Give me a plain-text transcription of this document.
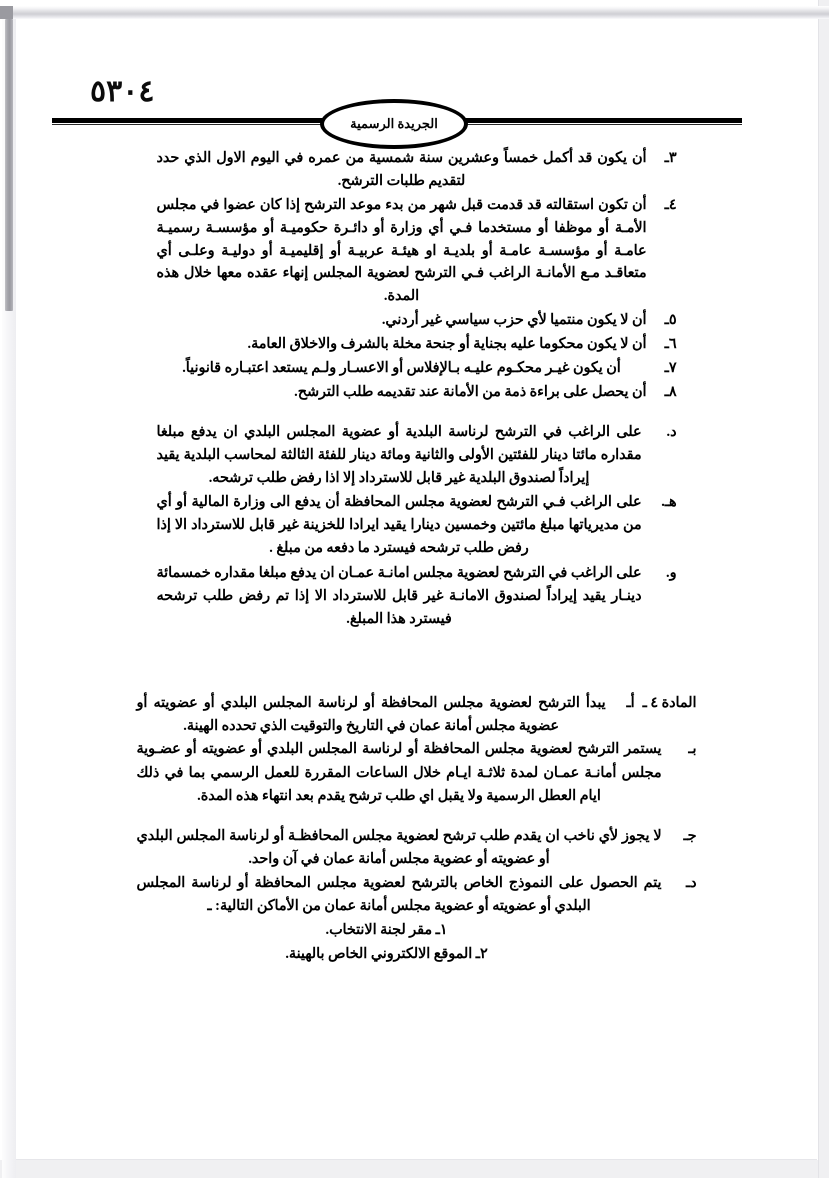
٥٣٠٤
الجريدة الرسمية
٣ـ
أن يكون قد أكمل خمساً وعشرين سنة شمسية من عمره في اليوم الاول الذي حدد لتقديم طلبات الترشح.
٤ـ
أن تكون استقالته قد قدمت قبل شهر من بدء موعد الترشح إذا كان عضوا في مجلس الأمـة أو موظفا أو مستخدما فـي أي وزارة أو دائـرة حكوميـة أو مؤسسـة رسميـة عامـة أو مؤسسـة عامـة أو بلديـة او هيئـة عربيـة أو إقليميـة أو دوليـة وعلـى أي متعاقـد مـع الأمانـة الراغب فـي الترشح لعضوية المجلس إنهاء عقده معها خلال هذه المدة.
٥ـ
أن لا يكون منتميا لأي حزب سياسي غير أردني.
٦ـ
أن لا يكون محكوما عليه بجناية أو جنحة مخلة بالشرف والاخلاق العامة.
٧ـ
أن يكون غيـر محكـوم عليـه بـالإفلاس أو الاعسـار ولـم يستعد اعتبـاره قانونياً.
٨ـ
أن يحصل على براءة ذمة من الأمانة عند تقديمه طلب الترشح.
د.
على الراغب في الترشح لرناسة البلدية أو عضوية المجلس البلدي ان يدفع مبلغا مقداره مائتا دينار للفئتين الأولى والثانية ومائة دينار للفئة الثالثة لمحاسب البلدية يقيد إيراداً لصندوق البلدية غير قابل للاسترداد إلا اذا رفض طلب ترشحه.
هـ.
على الراغب فـي الترشح لعضوية مجلس المحافظة أن يدفع الى وزارة المالية أو أي من مديرياتها مبلغ مائتين وخمسين دينارا يقيد ايرادا للخزينة غير قابل للاسترداد الا إذا رفض طلب ترشحه فيسترد ما دفعه من مبلغ .
و.
على الراغب في الترشح لعضوية مجلس امانـة عمـان ان يدفع مبلغا مقداره خمسمائة دينـار يقيد إيراداً لصندوق الامانـة غير قابل للاسترداد الا إذا تم رفض طلب ترشحه فيسترد هذا المبلغ.
المادة ٤ ـ
أـ
يبدأ الترشح لعضوية مجلس المحافظة أو لرناسة المجلس البلدي أو عضويته أو عضوية مجلس أمانة عمان في التاريخ والتوقيت الذي تحدده الهينة.
بـ
يستمر الترشح لعضوية مجلس المحافظة أو لرناسة المجلس البلدي أو عضويته أو عضـوية مجلس أمانـة عمـان لمدة ثلاثـة ايـام خلال الساعات المقررة للعمل الرسمي بما في ذلك ايام العطل الرسمية ولا يقبل اي طلب ترشح يقدم بعد انتهاء هذه المدة.
جـ
لا يجوز لأي ناخب ان يقدم طلب ترشح لعضوية مجلس المحافظـة أو لرناسة المجلس البلدي أو عضويته أو عضوية مجلس أمانة عمان في آن واحد.
دـ
يتم الحصول على النموذج الخاص بالترشح لعضوية مجلس المحافظة أو لرناسة المجلس البلدي أو عضويته أو عضوية مجلس أمانة عمان من الأماكن التالية: ـ
١ـ مقر لجنة الانتخاب.
٢ـ الموقع الالكتروني الخاص بالهينة.
